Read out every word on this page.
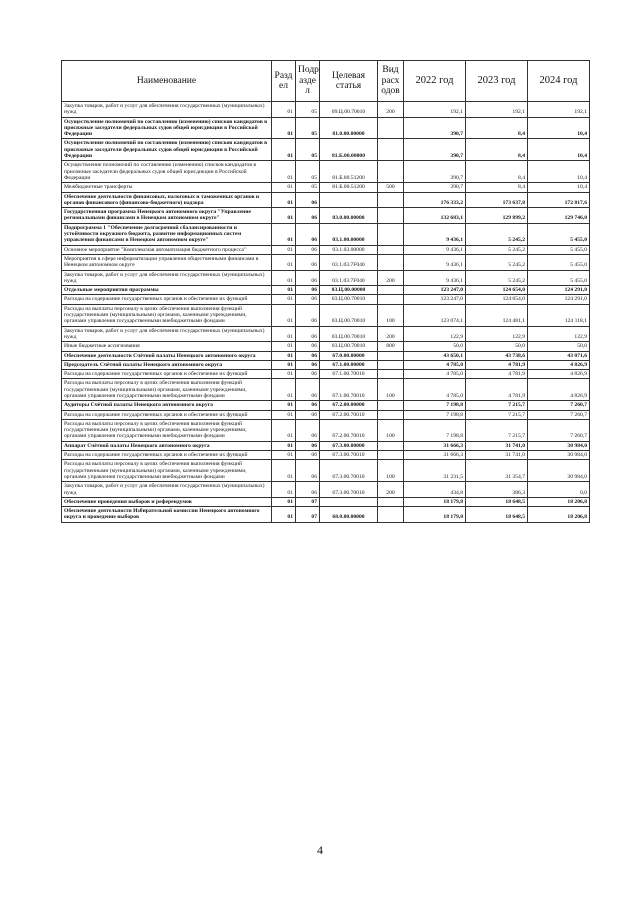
Наименование	Разд ел	Подр азде л	Целевая статья	Вид расх одов	2022 год	2023 год	2024 год
Закупка товаров, работ и услуг для обеспечения государственных (муниципальных) нужд	01	05	09.Ц.00.70010	200	192,1	192,1	192,1
Осуществление полномочий по составлению (изменению) списков кандидатов в присяжные заседатели федеральных судов общей юрисдикции в Российской Федерации	01	05	81.0.00.00000		390,7	8,4	10,4
Осуществление полномочий по составлению (изменению) списков кандидатов в присяжные заседатели федеральных судов общей юрисдикции в Российской Федерации	01	05	81.Б.00.00000		390,7	8,4	10,4
Осуществление полномочий по составлению (изменению) списков кандидатов в присяжные заседатели федеральных судов общей юрисдикции в Российской Федерации	01	05	81.Б.00.51200		390,7	8,4	10,4
Межбюджетные трансферты	01	05	81.Б.00.51200	500	390,7	8,4	10,4
Обеспечение деятельности финансовых, налоговых и таможенных органов и органов финансового (финансово-бюджетного) надзора	01	06			176 333,2	173 637,8	172 817,6
Государственная программа Ненецкого автономного округа "Управление региональными финансами в Ненецком автономном округе"	01	06	03.0.00.00000		132 683,1	129 899,2	129 746,0
Подпрограмма 1 "Обеспечение долгосрочной сбалансированности и устойчивости окружного бюджета, развитие информационных систем управления финансами в Ненецком автономном округе"	01	06	03.1.00.00000		9 436,1	5 245,2	5 455,0
Основное мероприятие "Комплексная автоматизация бюджетного процесса"	01	06	03.1.03.00000		9 436,1	5 245,2	5 455,0
Мероприятия в сфере информатизации управления общественными финансами в Ненецком автономном округе	01	06	03.1.03.7F040		9 436,1	5 245,2	5 455,0
Закупка товаров, работ и услуг для обеспечения государственных (муниципальных) нужд	01	06	03.1.03.7F040	200	9 436,1	5 245,2	5 455,0
Отдельные мероприятия программы	01	06	03.Ц.00.00000		123 247,0	124 654,0	124 291,0
Расходы на содержание государственных органов и обеспечение их функций	01	06	03.Ц.00.70010		123 247,0	124 654,0	124 291,0
Расходы на выплаты персоналу в целях обеспечения выполнения функций государственными (муниципальными) органами, казенными учреждениями, органами управления государственными внебюджетными фондами	01	06	03.Ц.00.70010	100	123 074,1	124 481,1	124 118,1
Закупка товаров, работ и услуг для обеспечения государственных (муниципальных) нужд	01	06	03.Ц.00.70010	200	122,9	122,9	122,9
Иные бюджетные ассигнования	01	06	03.Ц.00.70010	800	50,0	50,0	50,0
Обеспечение деятельности Счётной палаты Ненецкого автономного округа	01	06	67.0.00.00000		43 650,1	43 738,6	43 071,6
Председатель Счётной палаты Ненецкого автономного округа	01	06	67.1.00.00000		4 785,0	4 781,9	4 826,9
Расходы на содержание государственных органов и обеспечение их функций	01	06	67.1.00.70010		4 785,0	4 781,9	4 826,9
Расходы на выплаты персоналу в целях обеспечения выполнения функций государственными (муниципальными) органами, казенными учреждениями, органами управления государственными внебюджетными фондами	01	06	67.1.00.70010	100	4 785,0	4 781,9	4 826,9
Аудиторы Счётной палаты Ненецкого автономного округа	01	06	67.2.00.00000		7 198,8	7 215,7	7 260,7
Расходы на содержание государственных органов и обеспечение их функций	01	06	67.2.00.70010		7 198,8	7 215,7	7 260,7
Расходы на выплаты персоналу в целях обеспечения выполнения функций государственными (муниципальными) органами, казенными учреждениями, органами управления государственными внебюджетными фондами	01	06	67.2.00.70010	100	7 198,8	7 215,7	7 260,7
Аппарат Счётной палаты Ненецкого автономного округа	01	06	67.3.00.00000		31 666,3	31 741,0	30 984,0
Расходы на содержание государственных органов и обеспечение их функций	01	06	67.3.00.70010		31 666,3	31 741,0	30 984,0
Расходы на выплаты персоналу в целях обеспечения выполнения функций государственными (муниципальными) органами, казенными учреждениями, органами управления государственными внебюджетными фондами	01	06	67.3.00.70010	100	31 231,5	31 354,7	30 984,0
Закупка товаров, работ и услуг для обеспечения государственных (муниципальных) нужд	01	06	67.3.00.70010	200	434,8	386,3	0,0
Обеспечение проведения выборов и референдумов	01	07			18 179,8	18 648,5	18 206,8
Обеспечение деятельности Избирательной комиссии Ненецкого автономного округа и проведение выборов	01	07	68.0.00.00000		18 179,8	18 648,5	18 206,8
4
